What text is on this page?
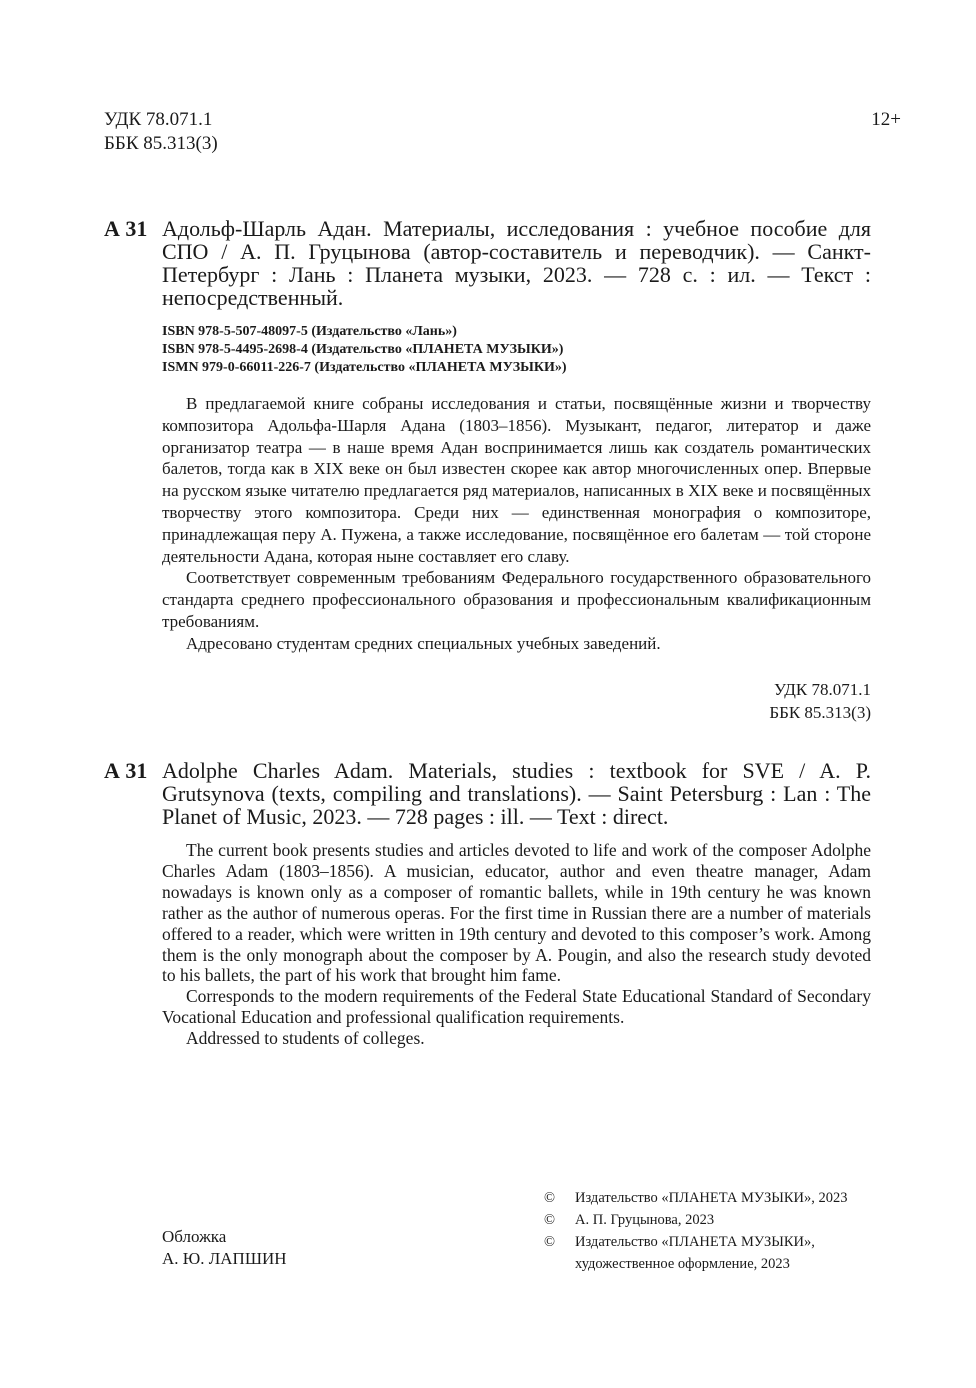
УДК 78.071.1
ББК 85.313(3)
12+
А 31 Адольф-Шарль Адан. Материалы, исследования : учебное пособие для СПО / А. П. Груцынова (автор-составитель и переводчик). — Санкт-Петербург : Лань : Планета музыки, 2023. — 728 с. : ил. — Текст : непосредственный.
ISBN 978-5-507-48097-5 (Издательство «Лань»)
ISBN 978-5-4495-2698-4 (Издательство «ПЛАНЕТА МУЗЫКИ»)
ISMN 979-0-66011-226-7 (Издательство «ПЛАНЕТА МУЗЫКИ»)

В предлагаемой книге собраны исследования и статьи, посвящённые жизни и творчеству композитора Адольфа-Шарля Адана (1803–1856). Музыкант, педагог, литератор и даже организатор театра — в наше время Адан воспринимается лишь как создатель романтических балетов, тогда как в XIX веке он был известен скорее как автор многочисленных опер. Впервые на русском языке читателю предлагается ряд материалов, написанных в XIX веке и посвящённых творчеству этого композитора. Среди них — единственная монография о композиторе, принадлежащая перу А. Пужена, а также исследование, посвящённое его балетам — той стороне деятельности Адана, которая ныне составляет его славу.

Соответствует современным требованиям Федерального государственного образовательного стандарта среднего профессионального образования и профессиональным квалификационным требованиям.

Адресовано студентам средних специальных учебных заведений.

УДК 78.071.1
ББК 85.313(3)
А 31 Adolphe Charles Adam. Materials, studies : textbook for SVE / A. P. Grutsynova (texts, compiling and translations). — Saint Petersburg : Lan : The Planet of Music, 2023. — 728 pages : ill. — Text : direct.

The current book presents studies and articles devoted to life and work of the composer Adolphe Charles Adam (1803–1856). A musician, educator, author and even theatre manager, Adam nowadays is known only as a composer of romantic ballets, while in 19th century he was known rather as the author of numerous operas. For the first time in Russian there are a number of materials offered to a reader, which were written in 19th century and devoted to this composer’s work. Among them is the only monograph about the composer by A. Pougin, and also the research study devoted to his ballets, the part of his work that brought him fame.

Corresponds to the modern requirements of the Federal State Educational Standard of Secondary Vocational Education and professional qualification requirements.

Addressed to students of colleges.

©	Издательство «ПЛАНЕТА МУЗЫКИ», 2023
©	А. П. Груцынова, 2023
©	Издательство «ПЛАНЕТА МУЗЫКИ», художественное оформление, 2023
Обложка
А. Ю. ЛАПШИН
